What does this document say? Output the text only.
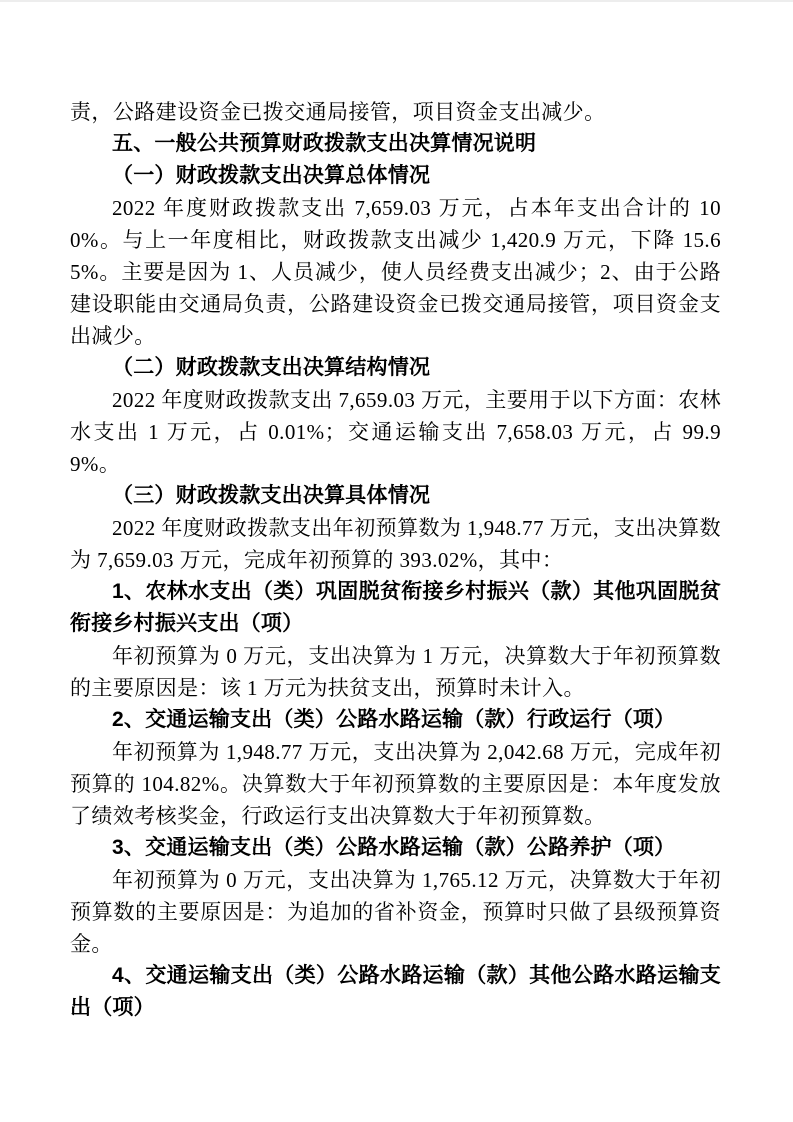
责，公路建设资金已拨交通局接管，项目资金支出减少。

五、一般公共预算财政拨款支出决算情况说明

（一）财政拨款支出决算总体情况

2022 年度财政拨款支出 7,659.03 万元，占本年支出合计的 100%。与上一年度相比，财政拨款支出减少 1,420.9 万元，下降 15.65%。主要是因为 1、人员减少，使人员经费支出减少；2、由于公路建设职能由交通局负责，公路建设资金已拨交通局接管，项目资金支出减少。

（二）财政拨款支出决算结构情况

2022 年度财政拨款支出 7,659.03 万元，主要用于以下方面：农林水支出 1 万元，占 0.01%；交通运输支出 7,658.03 万元，占 99.99%。

（三）财政拨款支出决算具体情况

2022 年度财政拨款支出年初预算数为 1,948.77 万元，支出决算数为 7,659.03 万元，完成年初预算的 393.02%，其中：

1、农林水支出（类）巩固脱贫衔接乡村振兴（款）其他巩固脱贫衔接乡村振兴支出（项）

年初预算为 0 万元，支出决算为 1 万元，决算数大于年初预算数的主要原因是：该 1 万元为扶贫支出，预算时未计入。

2、交通运输支出（类）公路水路运输（款）行政运行（项）

年初预算为 1,948.77 万元，支出决算为 2,042.68 万元，完成年初预算的 104.82%。决算数大于年初预算数的主要原因是：本年度发放了绩效考核奖金，行政运行支出决算数大于年初预算数。

3、交通运输支出（类）公路水路运输（款）公路养护（项）

年初预算为 0 万元，支出决算为 1,765.12 万元，决算数大于年初预算数的主要原因是：为追加的省补资金，预算时只做了县级预算资金。

4、交通运输支出（类）公路水路运输（款）其他公路水路运输支出（项）
